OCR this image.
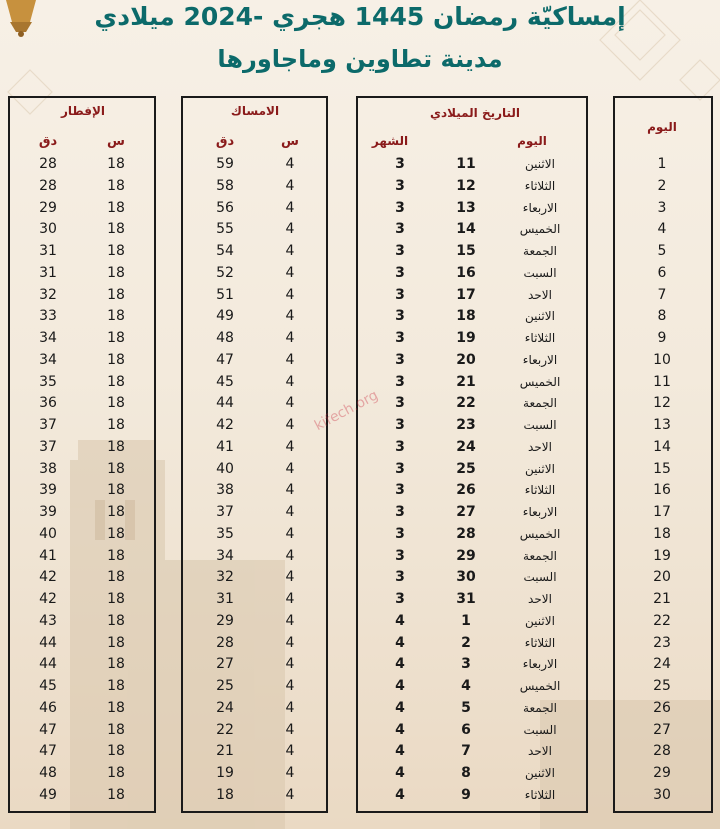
إمساكيّة رمضان 1445 هجري -2024 ميلادي
مدينة تطاوين وماجاورها
الإفطار
س
دق
الامساك
س
دق
التاريخ الميلادي
الشهر	اليوم
اليوم
kifech.org
28	18	59	4	3	11	الاثنين	1
28	18	58	4	3	12	الثلاثاء	2
29	18	56	4	3	13	الاربعاء	3
30	18	55	4	3	14	الخميس	4
31	18	54	4	3	15	الجمعة	5
31	18	52	4	3	16	السبت	6
32	18	51	4	3	17	الاحد	7
33	18	49	4	3	18	الاثنين	8
34	18	48	4	3	19	الثلاثاء	9
34	18	47	4	3	20	الاربعاء	10
35	18	45	4	3	21	الخميس	11
36	18	44	4	3	22	الجمعة	12
37	18	42	4	3	23	السبت	13
37	18	41	4	3	24	الاحد	14
38	18	40	4	3	25	الاثنين	15
39	18	38	4	3	26	الثلاثاء	16
39	18	37	4	3	27	الاربعاء	17
40	18	35	4	3	28	الخميس	18
41	18	34	4	3	29	الجمعة	19
42	18	32	4	3	30	السبت	20
42	18	31	4	3	31	الاحد	21
43	18	29	4	4	1	الاثنين	22
44	18	28	4	4	2	الثلاثاء	23
44	18	27	4	4	3	الاربعاء	24
45	18	25	4	4	4	الخميس	25
46	18	24	4	4	5	الجمعة	26
47	18	22	4	4	6	السبت	27
47	18	21	4	4	7	الاحد	28
48	18	19	4	4	8	الاثنين	29
49	18	18	4	4	9	الثلاثاء	30
